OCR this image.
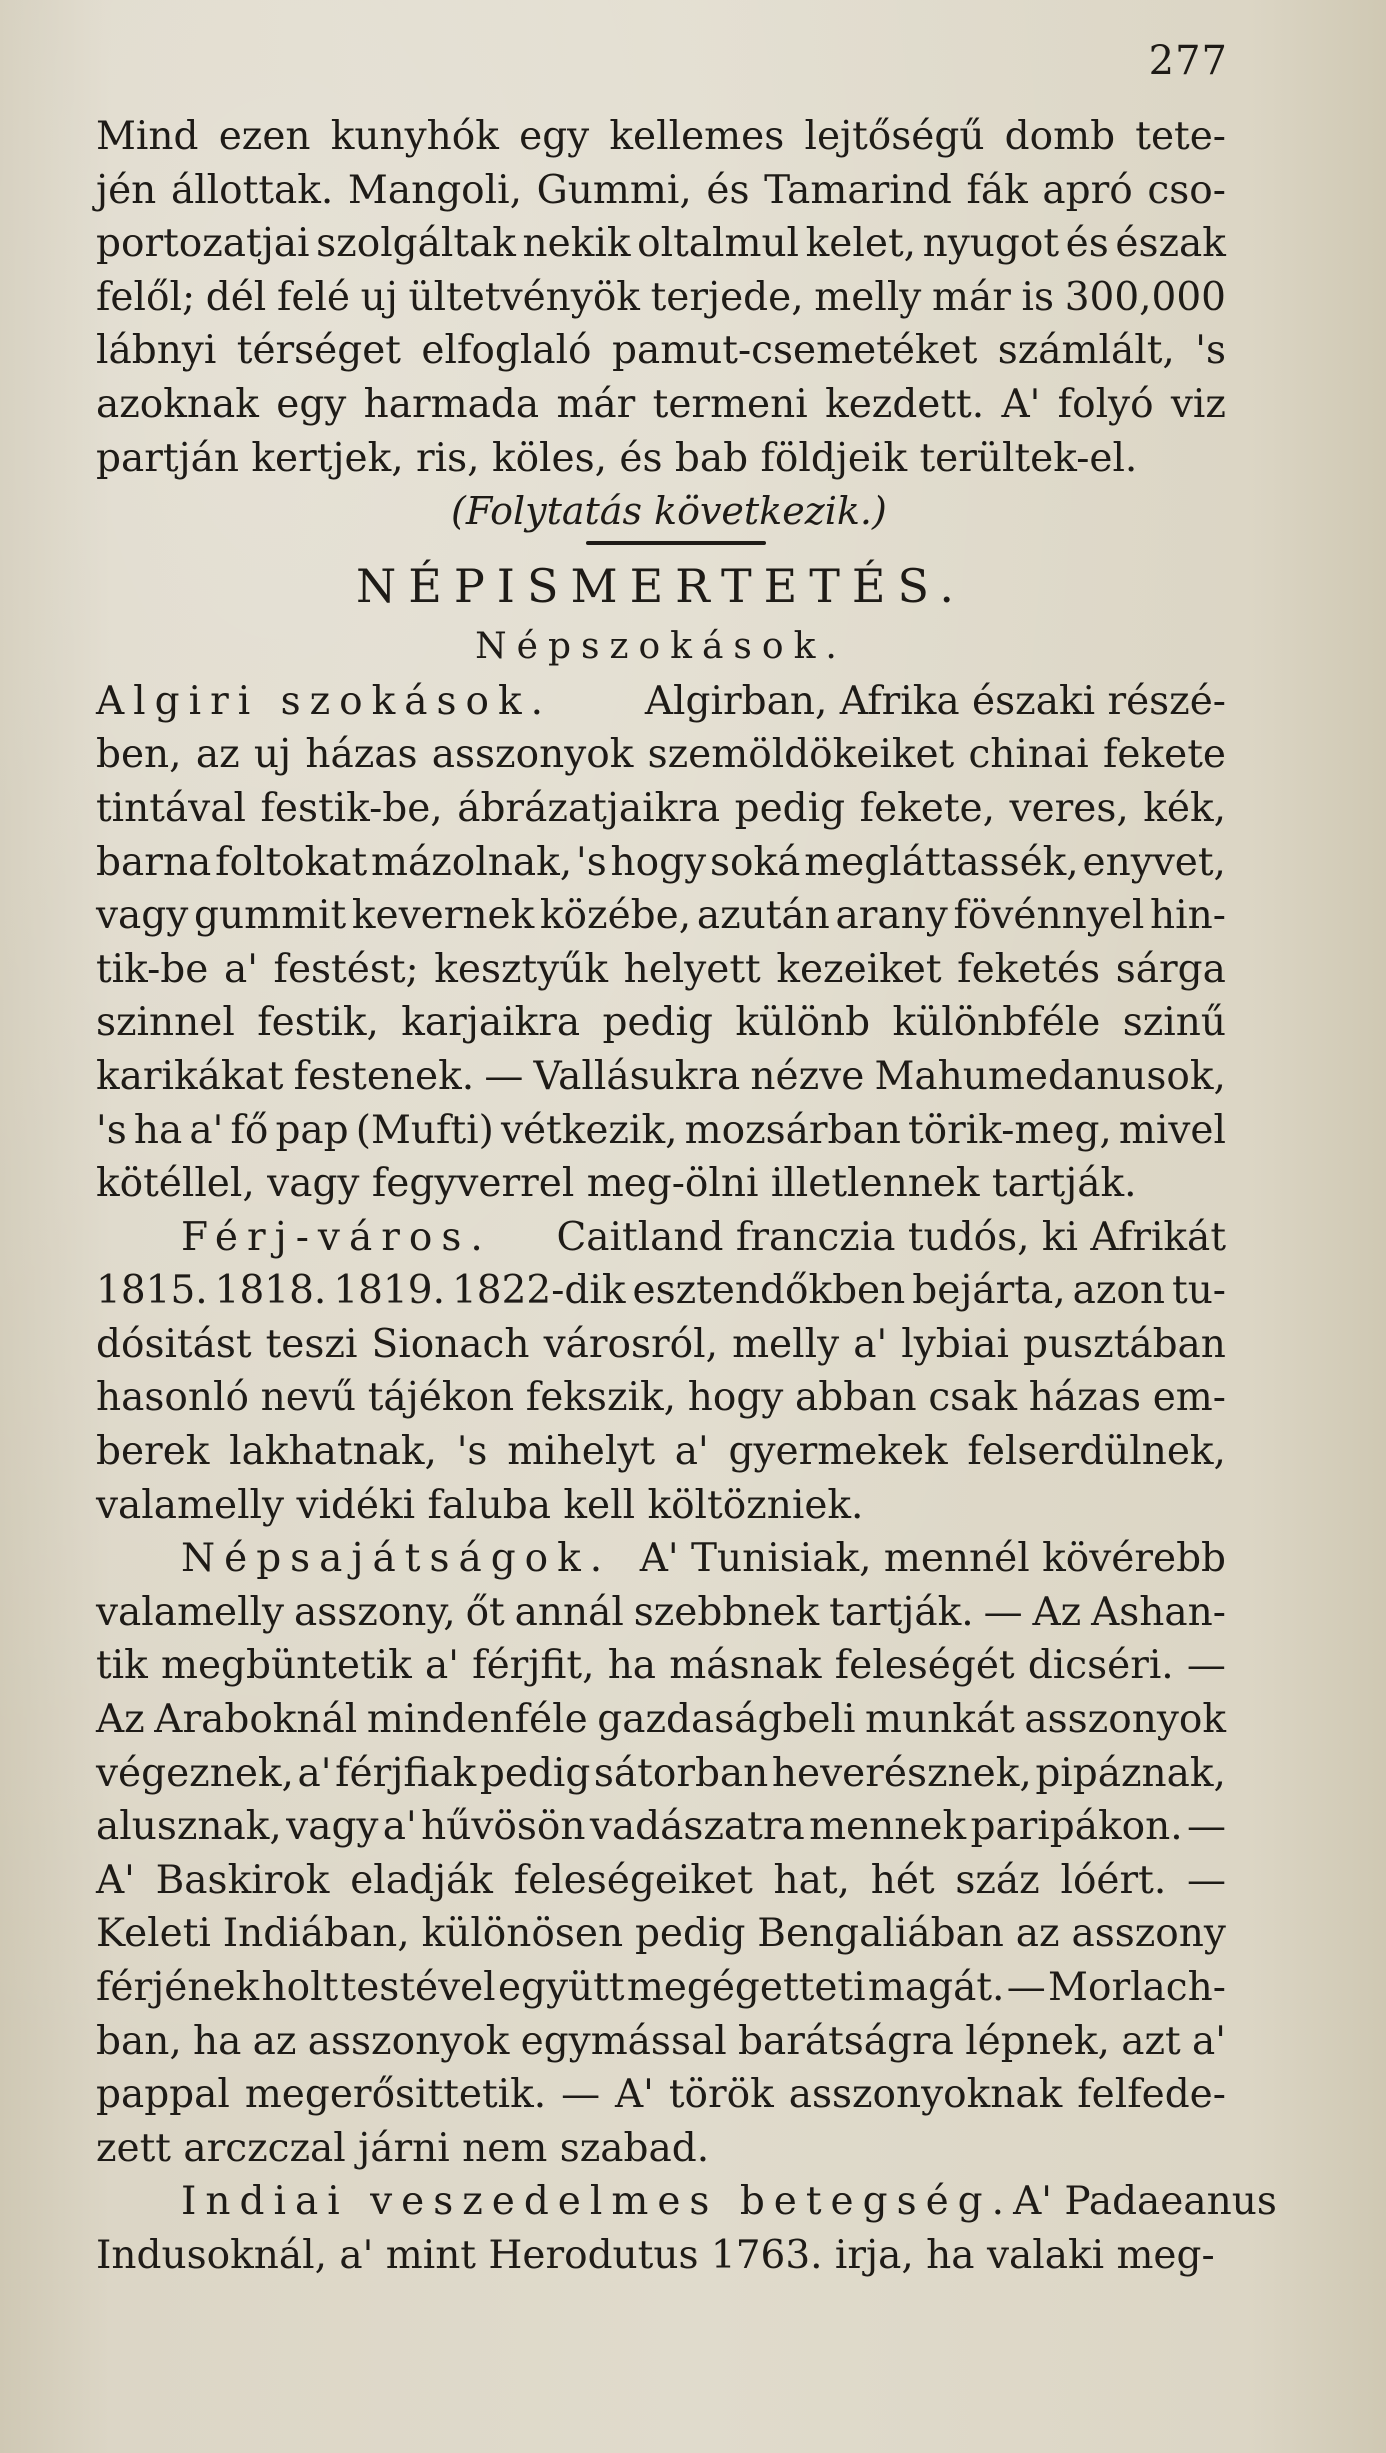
277
Mind ezen kunyhók egy kellemes lejtőségű domb tete-
jén állottak. Mangoli, Gummi, és Tamarind fák apró cso-
portozatjai szolgáltak nekik oltalmul kelet, nyugot és észak
felől; dél felé uj ültetvényök terjede, melly már is 300,000
lábnyi térséget elfoglaló pamut-csemetéket számlált, 's
azoknak egy harmada már termeni kezdett. A' folyó viz
partján kertjek, ris, köles, és bab földjeik terültek-el.
(Folytatás következik.)
NÉPISMERTETÉS.
Népszokások.
Algiri szokások. Algirban, Afrika északi részé-
ben, az uj házas asszonyok szemöldökeiket chinai fekete
tintával festik-be, ábrázatjaikra pedig fekete, veres, kék,
barna foltokat mázolnak, 's hogy soká megláttassék, enyvet,
vagy gummit kevernek közébe, azután arany fövénnyel hin-
tik-be a' festést; kesztyűk helyett kezeiket feketés sárga
szinnel festik, karjaikra pedig különb különbféle szinű
karikákat festenek. — Vallásukra nézve Mahumedanusok,
's ha a' fő pap (Mufti) vétkezik, mozsárban törik-meg, mivel
kötéllel, vagy fegyverrel meg-ölni illetlennek tartják.
Férj-város. Caitland franczia tudós, ki Afrikát
1815. 1818. 1819. 1822-dik esztendőkben bejárta, azon tu-
dósitást teszi Sionach városról, melly a' lybiai pusztában
hasonló nevű tájékon fekszik, hogy abban csak házas em-
berek lakhatnak, 's mihelyt a' gyermekek felserdülnek,
valamelly vidéki faluba kell költözniek.
Népsajátságok. A' Tunisiak, mennél kövérebb
valamelly asszony, őt annál szebbnek tartják. — Az Ashan-
tik megbüntetik a' férjfit, ha másnak feleségét dicséri. —
Az Araboknál mindenféle gazdaságbeli munkát asszonyok
végeznek, a' férjfiak pedig sátorban heverésznek, pipáznak,
alusznak, vagy a' hűvösön vadászatra mennek paripákon. —
A' Baskirok eladják feleségeiket hat, hét száz lóért. —
Keleti Indiában, különösen pedig Bengaliában az asszony
férjének holt testével együtt megégetteti magát. — Morlach-
ban, ha az asszonyok egymással barátságra lépnek, azt a'
pappal megerősittetik. — A' török asszonyoknak felfede-
zett arczczal járni nem szabad.
Indiai veszedelmes betegség. A' Padaeanus
Indusoknál, a' mint Herodutus 1763. irja, ha valaki meg-
